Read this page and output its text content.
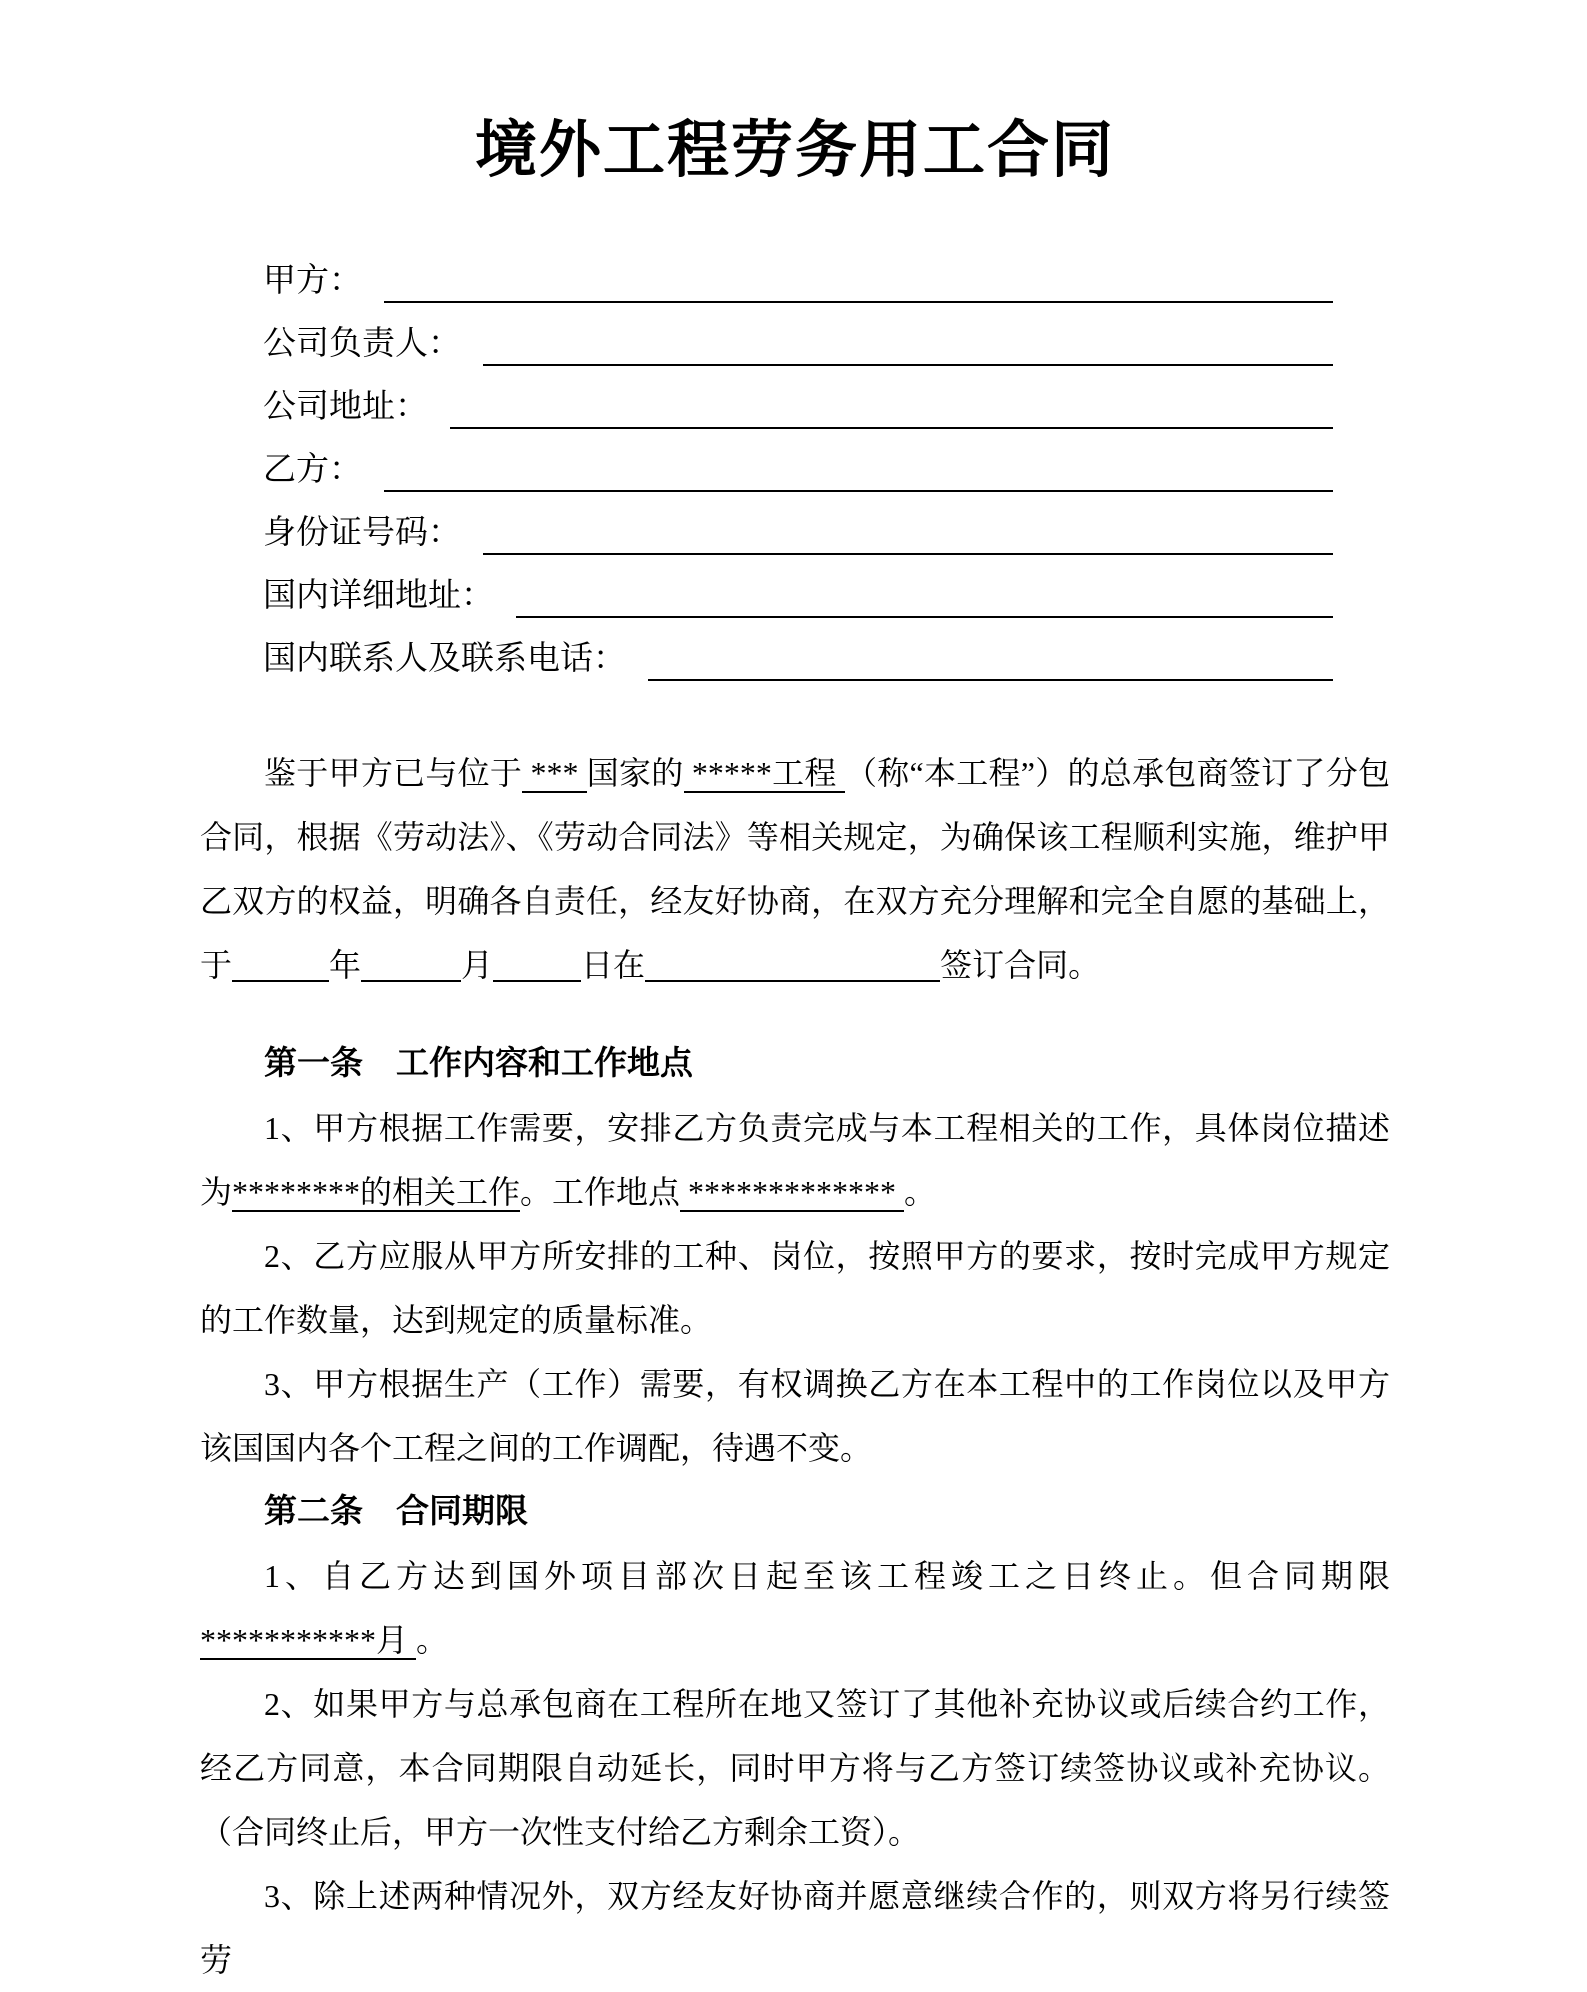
境外工程劳务用工合同
甲方：
公司负责人：
公司地址：
乙方：
身份证号码：
国内详细地址：
国内联系人及联系电话：

鉴于甲方已与位于 *** 国家的 *****工程 （称“本工程”）的总承包商签订了分包合同，根据《劳动法》、《劳动合同法》等相关规定，为确保该工程顺利实施，维护甲乙双方的权益，明确各自责任，经友好协商，在双方充分理解和完全自愿的基础上，于	年	月	日在	签订合同。

第一条 工作内容和工作地点

1、甲方根据工作需要，安排乙方负责完成与本工程相关的工作，具体岗位描述为********的相关工作。工作地点 ************* 。

2、乙方应服从甲方所安排的工种、岗位，按照甲方的要求，按时完成甲方规定的工作数量，达到规定的质量标准。

3、甲方根据生产（工作）需要，有权调换乙方在本工程中的工作岗位以及甲方该国国内各个工程之间的工作调配，待遇不变。

第二条 合同期限

1、自乙方达到国外项目部次日起至该工程竣工之日终止。但合同期限***********月 。

2、如果甲方与总承包商在工程所在地又签订了其他补充协议或后续合约工作，经乙方同意，本合同期限自动延长，同时甲方将与乙方签订续签协议或补充协议。（合同终止后，甲方一次性支付给乙方剩余工资）。

3、除上述两种情况外，双方经友好协商并愿意继续合作的，则双方将另行续签劳
